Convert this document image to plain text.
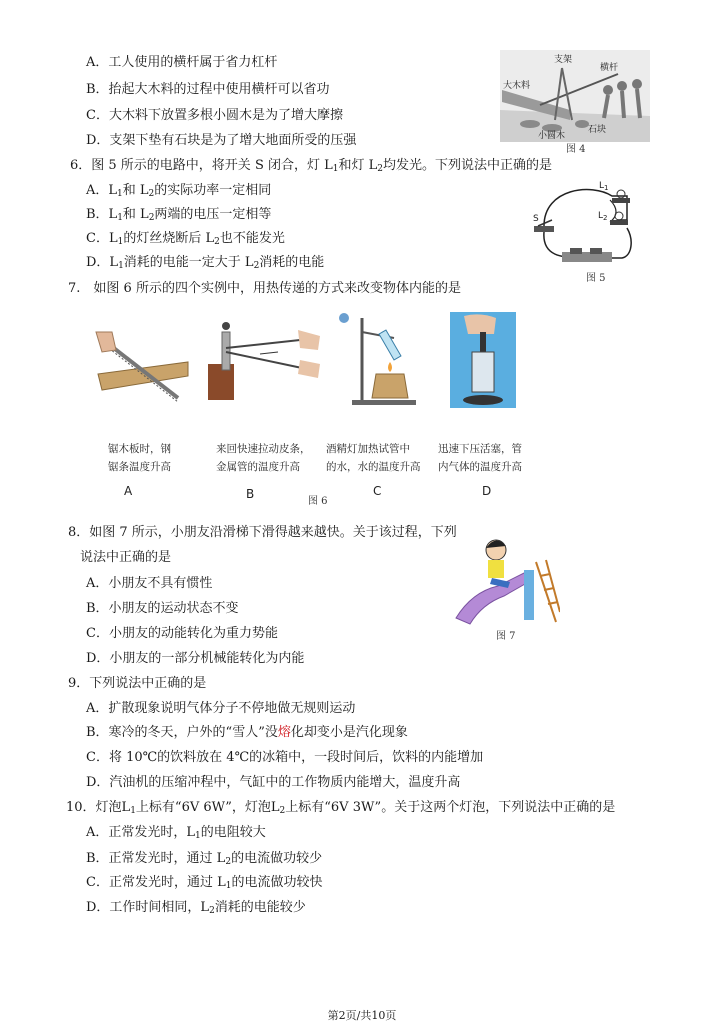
A．工人使用的横杆属于省力杠杆
B．抬起大木料的过程中使用横杆可以省功
C．大木料下放置多根小圆木是为了增大摩擦
D．支架下垫有石块是为了增大地面所受的压强
支架
横杆
大木料
小圆木
石块
图 4
6．图 5 所示的电路中，将开关 S 闭合，灯 $L_1$和灯 $L_2$均发光。下列说法中正确的是
A．$L_1$和 $L_2$的实际功率一定相同
B．$L_1$和 $L_2$两端的电压一定相等
C．$L_1$的灯丝烧断后 $L_2$也不能发光
D．$L_1$消耗的电能一定大于 $L_2$消耗的电能
S
$L_1$
$L_2$
图 5
7.　如图 6 所示的四个实例中，用热传递的方式来改变物体内能的是
锯木板时，钢
锯条温度升高
来回快速拉动皮条，
金属管的温度升高
酒精灯加热试管中
的水，水的温度升高
迅速下压活塞，管
内气体的温度升高
A	B	C	D
图 6
8．如图 7 所示，小朋友沿滑梯下滑得越来越快。关于该过程，下列
说法中正确的是
A．小朋友不具有惯性
B．小朋友的运动状态不变
C．小朋友的动能转化为重力势能
D．小朋友的一部分机械能转化为内能
图 7
9．下列说法中正确的是
A．扩散现象说明气体分子不停地做无规则运动
B．寒冷的冬天，户外的“雪人”没熔化却变小是汽化现象
C．将 10℃的饮料放在 4℃的冰箱中，一段时间后，饮料的内能增加
D．汽油机的压缩冲程中，气缸中的工作物质内能增大，温度升高
10．灯泡$L_1$上标有“6V 6W”，灯泡$L_2$上标有“6V 3W”。关于这两个灯泡，下列说法中正确的是
A．正常发光时，$L_1$的电阻较大
B．正常发光时，通过 $L_2$的电流做功较少
C．正常发光时，通过 $L_1$的电流做功较快
D．工作时间相同，$L_2$消耗的电能较少
第2页/共10页
